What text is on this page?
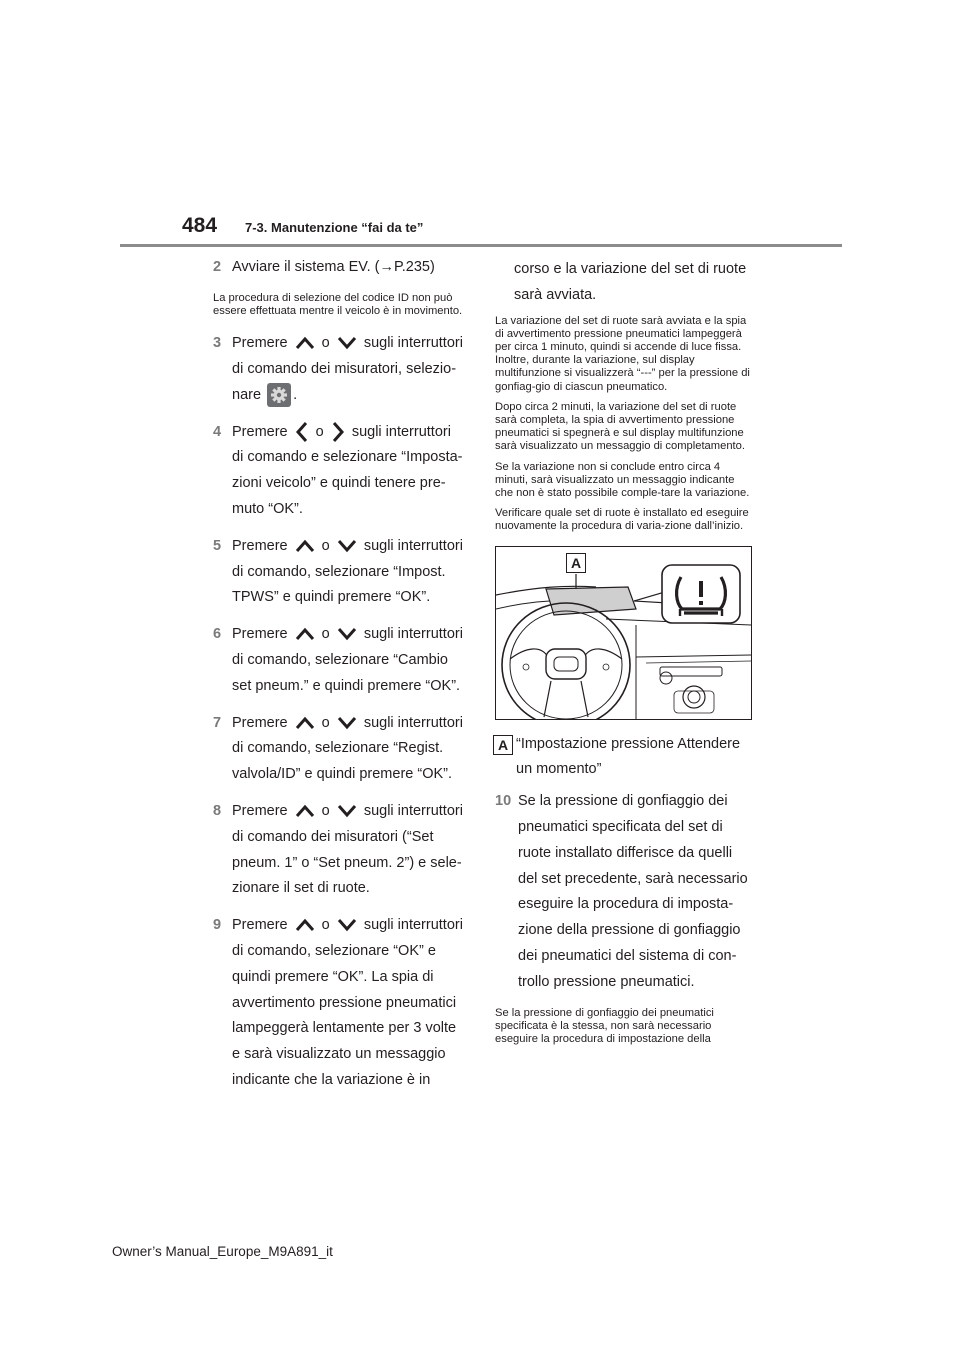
484 7-3. Manutenzione “fai da te”
2 Avviare il sistema EV. (→P.235)
La procedura di selezione del codice ID non può essere effettuata mentre il veicolo è in movimento.
3 Premere o sugli interruttori di comando dei misuratori, selezio-nare .
4 Premere o sugli interruttori di comando e selezionare “Imposta-zioni veicolo” e quindi tenere pre-muto “OK”.
5 Premere o sugli interruttori di comando, selezionare “Impost. TPWS” e quindi premere “OK”.
6 Premere o sugli interruttori di comando, selezionare “Cambio set pneum.” e quindi premere “OK”.
7 Premere o sugli interruttori di comando, selezionare “Regist. valvola/ID” e quindi premere “OK”.
8 Premere o sugli interruttori di comando dei misuratori (“Set pneum. 1” o “Set pneum. 2”) e sele-zionare il set di ruote.
9 Premere o sugli interruttori di comando, selezionare “OK” e quindi premere “OK”. La spia di avvertimento pressione pneumatici lampeggerà lentamente per 3 volte e sarà visualizzato un messaggio indicante che la variazione è in
corso e la variazione del set di ruote sarà avviata.
La variazione del set di ruote sarà avviata e la spia di avvertimento pressione pneumatici lampeggerà per circa 1 minuto, quindi si accende di luce fissa. Inoltre, durante la variazione, sul display multifunzione si visualizzerà “---” per la pressione di gonfiag-gio di ciascun pneumatico.
Dopo circa 2 minuti, la variazione del set di ruote sarà completa, la spia di avvertimento pressione pneumatici si spegnerà e sul display multifunzione sarà visualizzato un messaggio di completamento.
Se la variazione non si conclude entro circa 4 minuti, sarà visualizzato un messaggio indicante che non è stato possibile comple-tare la variazione.
Verificare quale set di ruote è installato ed eseguire nuovamente la procedura di varia-zione dall’inizio.
A
A “Impostazione pressione Attendere un momento”
10 Se la pressione di gonfiaggio dei pneumatici specificata del set di ruote installato differisce da quelli del set precedente, sarà necessario eseguire la procedura di imposta-zione della pressione di gonfiaggio dei pneumatici del sistema di con-trollo pressione pneumatici.
Se la pressione di gonfiaggio dei pneumatici specificata è la stessa, non sarà necessario eseguire la procedura di impostazione della
Owner’s Manual_Europe_M9A891_it
